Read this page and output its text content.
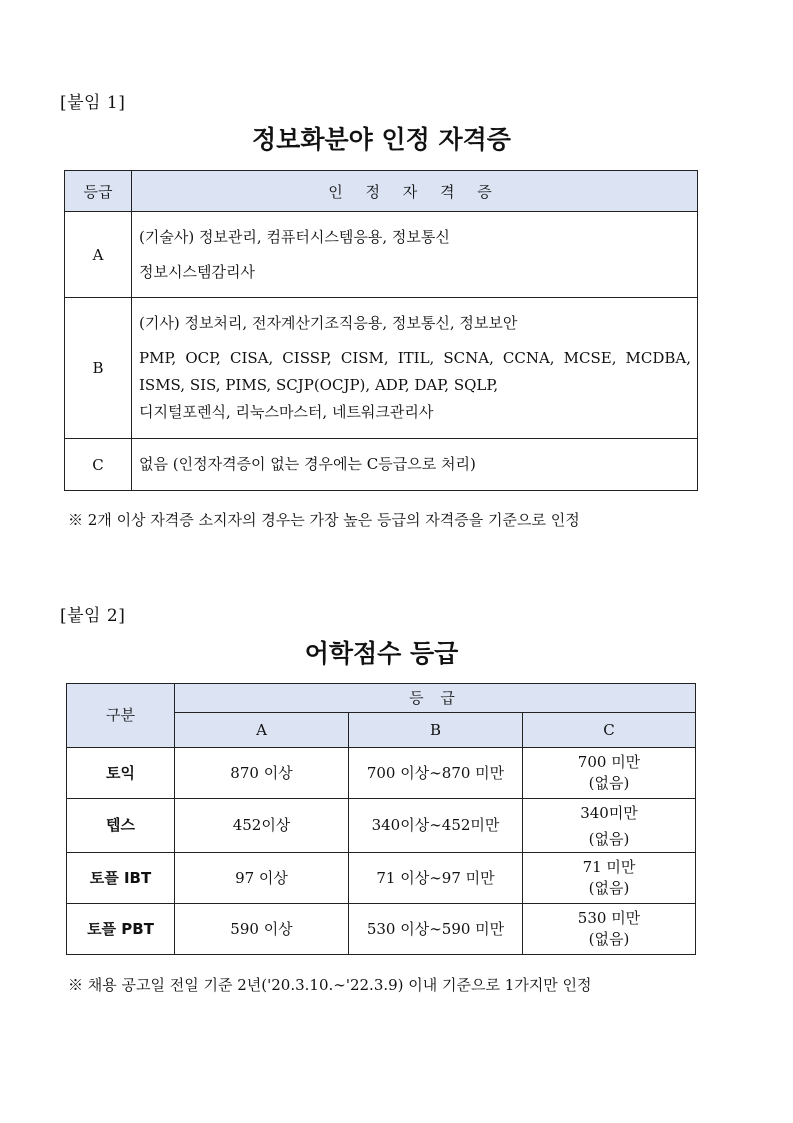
[붙임 1]
정보화분야 인정 자격증
등급	인 정 자 격 증
A	(기술사) 정보관리, 컴퓨터시스템응용, 정보통신
정보시스템감리사

B	(기사) 정보처리, 전자계산기조직응용, 정보통신, 정보보안
PMP, OCP, CISA, CISSP, CISM, ITIL, SCNA, CCNA, MCSE, MCDBA,
ISMS, SIS, PIMS, SCJP(OCJP), ADP, DAP, SQLP,
디지털포렌식, 리눅스마스터, 네트워크관리사

C	없음 (인정자격증이 없는 경우에는 C등급으로 처리)
※ 2개 이상 자격증 소지자의 경우는 가장 높은 등급의 자격증을 기준으로 인정
[붙임 2]
어학점수 등급
구분	등 급		
	A	B	C
토익	870 이상	700 이상∼870 미만	700 미만
(없음)

텝스	452이상	340이상∼452미만	340미만
(없음)

토플 IBT	97 이상	71 이상∼97 미만	71 미만
(없음)

토플 PBT	590 이상	530 이상∼590 미만	530 미만
(없음)
※ 채용 공고일 전일 기준 2년('20.3.10.∼'22.3.9) 이내 기준으로 1가지만 인정
